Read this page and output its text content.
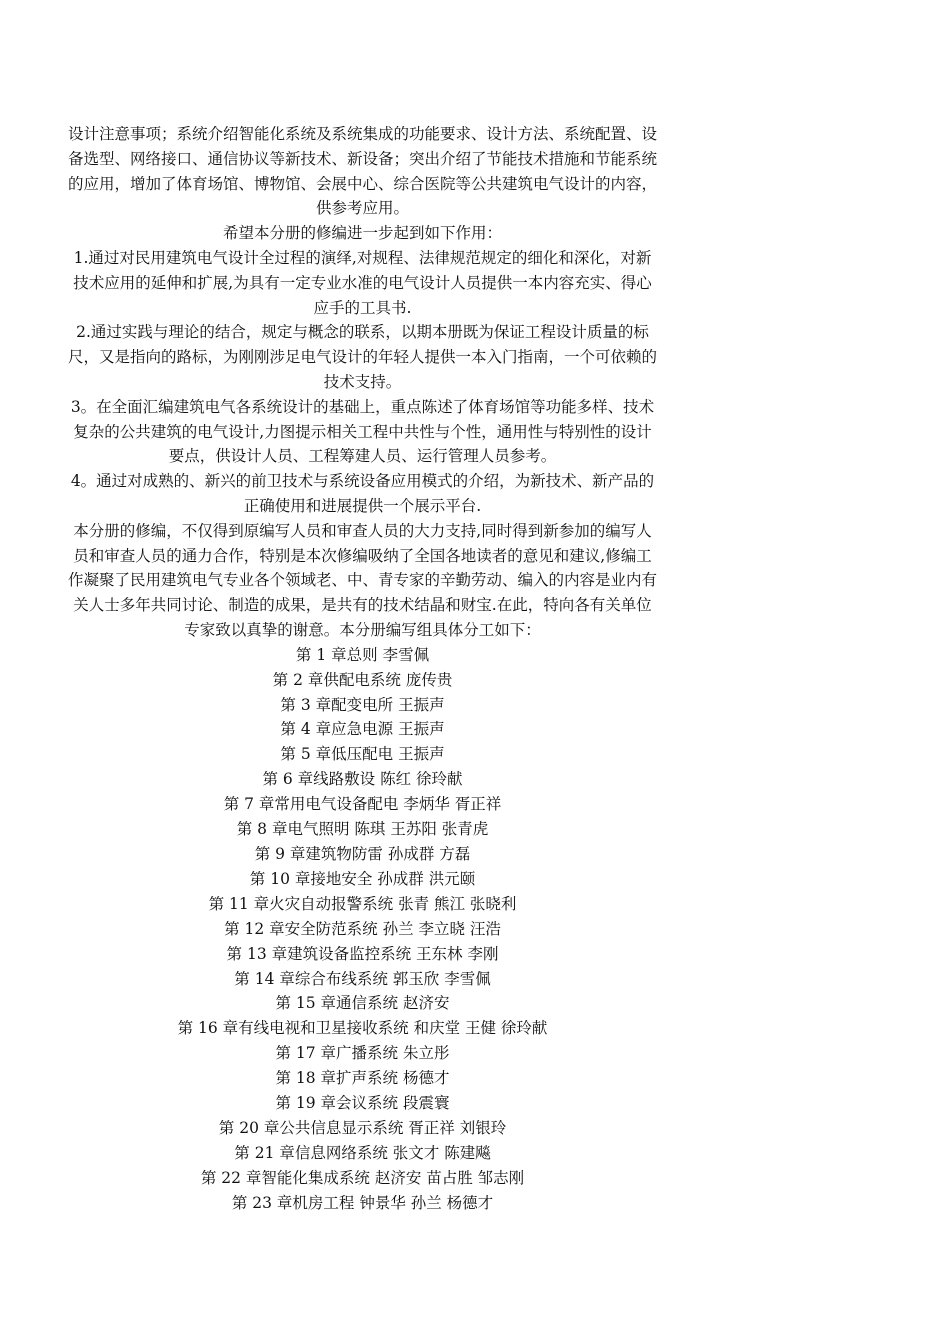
设计注意事项；系统介绍智能化系统及系统集成的功能要求、设计方法、系统配置、设
备选型、网络接口、通信协议等新技术、新设备；突出介绍了节能技术措施和节能系统
的应用，增加了体育场馆、博物馆、会展中心、综合医院等公共建筑电气设计的内容，
供参考应用。
希望本分册的修编进一步起到如下作用：
1.通过对民用建筑电气设计全过程的演绎,对规程、法律规范规定的细化和深化，对新
技术应用的延伸和扩展,为具有一定专业水准的电气设计人员提供一本内容充实、得心
应手的工具书.
2.通过实践与理论的结合，规定与概念的联系，以期本册既为保证工程设计质量的标
尺，又是指向的路标，为刚刚涉足电气设计的年轻人提供一本入门指南，一个可依赖的
技术支持。
3。在全面汇编建筑电气各系统设计的基础上，重点陈述了体育场馆等功能多样、技术
复杂的公共建筑的电气设计,力图提示相关工程中共性与个性，通用性与特别性的设计
要点，供设计人员、工程筹建人员、运行管理人员参考。
4。通过对成熟的、新兴的前卫技术与系统设备应用模式的介绍，为新技术、新产品的
正确使用和进展提供一个展示平台.
本分册的修编，不仅得到原编写人员和审查人员的大力支持,同时得到新参加的编写人
员和审查人员的通力合作，特别是本次修编吸纳了全国各地读者的意见和建议,修编工
作凝聚了民用建筑电气专业各个领域老、中、青专家的辛勤劳动、编入的内容是业内有
关人士多年共同讨论、制造的成果，是共有的技术结晶和财宝.在此，特向各有关单位
专家致以真挚的谢意。本分册编写组具体分工如下：

第 1 章总则 李雪佩
第 2 章供配电系统 庞传贵
第 3 章配变电所 王振声
第 4 章应急电源 王振声
第 5 章低压配电 王振声
第 6 章线路敷设 陈红 徐玲献
第 7 章常用电气设备配电 李炳华 胥正祥
第 8 章电气照明 陈琪 王苏阳 张青虎
第 9 章建筑物防雷 孙成群 方磊
第 10 章接地安全 孙成群 洪元颐
第 11 章火灾自动报警系统 张青 熊江 张晓利
第 12 章安全防范系统 孙兰 李立晓 汪浩
第 13 章建筑设备监控系统 王东林 李刚
第 14 章综合布线系统 郭玉欣 李雪佩
第 15 章通信系统 赵济安
第 16 章有线电视和卫星接收系统 和庆堂 王健 徐玲献
第 17 章广播系统 朱立彤
第 18 章扩声系统 杨德才
第 19 章会议系统 段震寰
第 20 章公共信息显示系统 胥正祥 刘银玲
第 21 章信息网络系统 张文才 陈建飚
第 22 章智能化集成系统 赵济安 苗占胜 邹志刚
第 23 章机房工程 钟景华 孙兰 杨德才
